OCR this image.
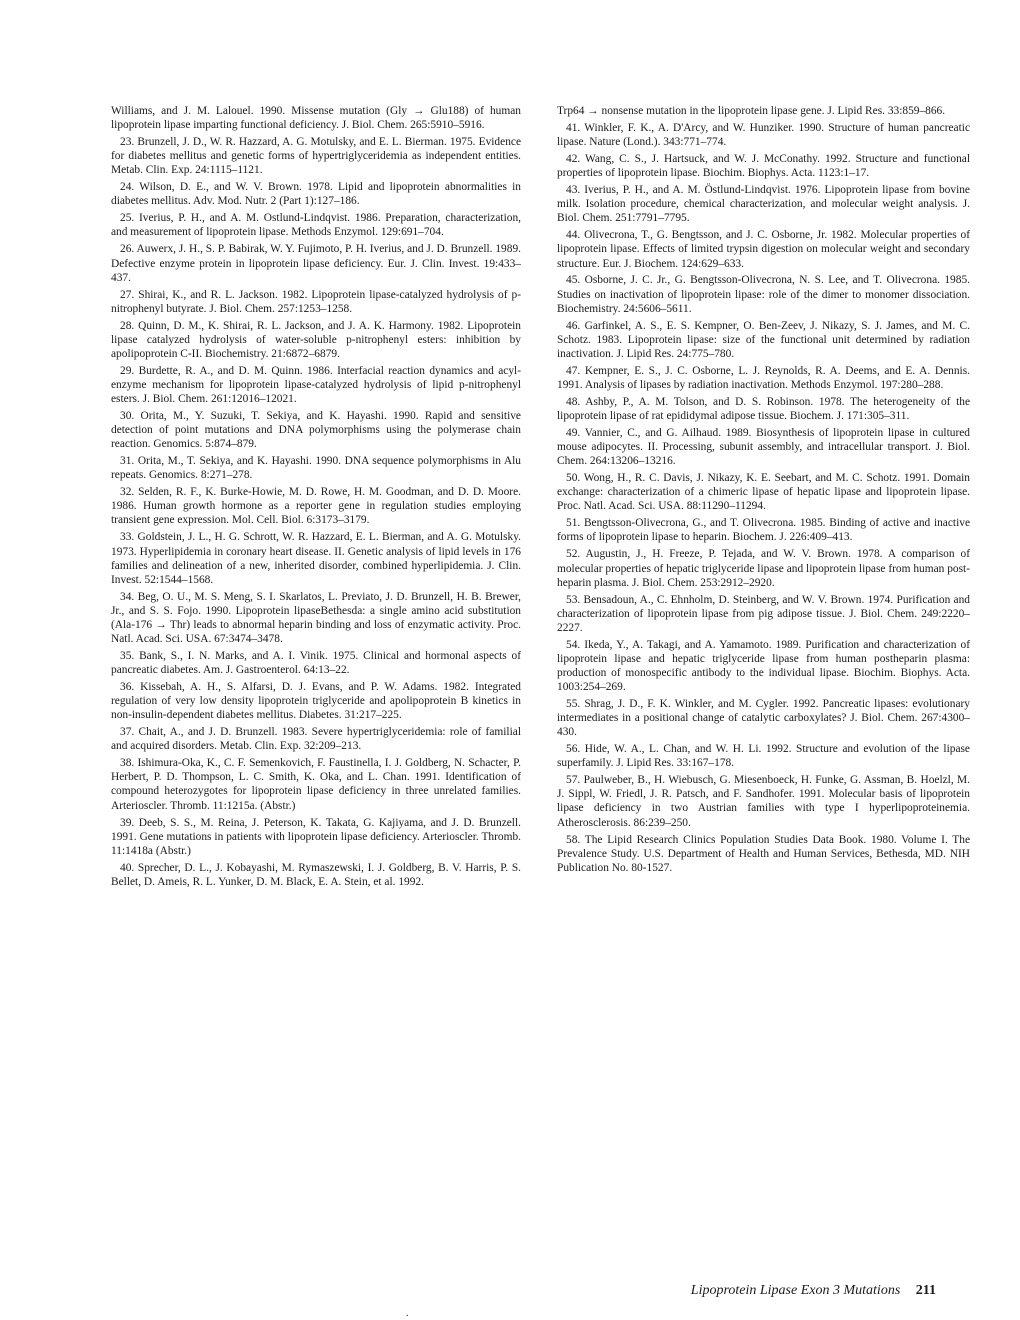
Williams, and J. M. Lalouel. 1990. Missense mutation (Gly → Glu188) of human lipoprotein lipase imparting functional deficiency. J. Biol. Chem. 265:5910–5916.

23. Brunzell, J. D., W. R. Hazzard, A. G. Motulsky, and E. L. Bierman. 1975. Evidence for diabetes mellitus and genetic forms of hypertriglyceridemia as independent entities. Metab. Clin. Exp. 24:1115–1121.

24. Wilson, D. E., and W. V. Brown. 1978. Lipid and lipoprotein abnormalities in diabetes mellitus. Adv. Mod. Nutr. 2 (Part 1):127–186.

25. Iverius, P. H., and A. M. Ostlund-Lindqvist. 1986. Preparation, characterization, and measurement of lipoprotein lipase. Methods Enzymol. 129:691–704.

26. Auwerx, J. H., S. P. Babirak, W. Y. Fujimoto, P. H. Iverius, and J. D. Brunzell. 1989. Defective enzyme protein in lipoprotein lipase deficiency. Eur. J. Clin. Invest. 19:433–437.

27. Shirai, K., and R. L. Jackson. 1982. Lipoprotein lipase-catalyzed hydrolysis of p-nitrophenyl butyrate. J. Biol. Chem. 257:1253–1258.

28. Quinn, D. M., K. Shirai, R. L. Jackson, and J. A. K. Harmony. 1982. Lipoprotein lipase catalyzed hydrolysis of water-soluble p-nitrophenyl esters: inhibition by apolipoprotein C-II. Biochemistry. 21:6872–6879.

29. Burdette, R. A., and D. M. Quinn. 1986. Interfacial reaction dynamics and acyl-enzyme mechanism for lipoprotein lipase-catalyzed hydrolysis of lipid p-nitrophenyl esters. J. Biol. Chem. 261:12016–12021.

30. Orita, M., Y. Suzuki, T. Sekiya, and K. Hayashi. 1990. Rapid and sensitive detection of point mutations and DNA polymorphisms using the polymerase chain reaction. Genomics. 5:874–879.

31. Orita, M., T. Sekiya, and K. Hayashi. 1990. DNA sequence polymorphisms in Alu repeats. Genomics. 8:271–278.

32. Selden, R. F., K. Burke-Howie, M. D. Rowe, H. M. Goodman, and D. D. Moore. 1986. Human growth hormone as a reporter gene in regulation studies employing transient gene expression. Mol. Cell. Biol. 6:3173–3179.

33. Goldstein, J. L., H. G. Schrott, W. R. Hazzard, E. L. Bierman, and A. G. Motulsky. 1973. Hyperlipidemia in coronary heart disease. II. Genetic analysis of lipid levels in 176 families and delineation of a new, inherited disorder, combined hyperlipidemia. J. Clin. Invest. 52:1544–1568.

34. Beg, O. U., M. S. Meng, S. I. Skarlatos, L. Previato, J. D. Brunzell, H. B. Brewer, Jr., and S. S. Fojo. 1990. Lipoprotein lipaseBethesda: a single amino acid substitution (Ala-176 → Thr) leads to abnormal heparin binding and loss of enzymatic activity. Proc. Natl. Acad. Sci. USA. 67:3474–3478.

35. Bank, S., I. N. Marks, and A. I. Vinik. 1975. Clinical and hormonal aspects of pancreatic diabetes. Am. J. Gastroenterol. 64:13–22.

36. Kissebah, A. H., S. Alfarsi, D. J. Evans, and P. W. Adams. 1982. Integrated regulation of very low density lipoprotein triglyceride and apolipoprotein B kinetics in non-insulin-dependent diabetes mellitus. Diabetes. 31:217–225.

37. Chait, A., and J. D. Brunzell. 1983. Severe hypertriglyceridemia: role of familial and acquired disorders. Metab. Clin. Exp. 32:209–213.

38. Ishimura-Oka, K., C. F. Semenkovich, F. Faustinella, I. J. Goldberg, N. Schacter, P. Herbert, P. D. Thompson, L. C. Smith, K. Oka, and L. Chan. 1991. Identification of compound heterozygotes for lipoprotein lipase deficiency in three unrelated families. Arterioscler. Thromb. 11:1215a. (Abstr.)

39. Deeb, S. S., M. Reina, J. Peterson, K. Takata, G. Kajiyama, and J. D. Brunzell. 1991. Gene mutations in patients with lipoprotein lipase deficiency. Arterioscler. Thromb. 11:1418a (Abstr.)

40. Sprecher, D. L., J. Kobayashi, M. Rymaszewski, I. J. Goldberg, B. V. Harris, P. S. Bellet, D. Ameis, R. L. Yunker, D. M. Black, E. A. Stein, et al. 1992.

Trp64 → nonsense mutation in the lipoprotein lipase gene. J. Lipid Res. 33:859–866.

41. Winkler, F. K., A. D'Arcy, and W. Hunziker. 1990. Structure of human pancreatic lipase. Nature (Lond.). 343:771–774.

42. Wang, C. S., J. Hartsuck, and W. J. McConathy. 1992. Structure and functional properties of lipoprotein lipase. Biochim. Biophys. Acta. 1123:1–17.

43. Iverius, P. H., and A. M. Östlund-Lindqvist. 1976. Lipoprotein lipase from bovine milk. Isolation procedure, chemical characterization, and molecular weight analysis. J. Biol. Chem. 251:7791–7795.

44. Olivecrona, T., G. Bengtsson, and J. C. Osborne, Jr. 1982. Molecular properties of lipoprotein lipase. Effects of limited trypsin digestion on molecular weight and secondary structure. Eur. J. Biochem. 124:629–633.

45. Osborne, J. C. Jr., G. Bengtsson-Olivecrona, N. S. Lee, and T. Olivecrona. 1985. Studies on inactivation of lipoprotein lipase: role of the dimer to monomer dissociation. Biochemistry. 24:5606–5611.

46. Garfinkel, A. S., E. S. Kempner, O. Ben-Zeev, J. Nikazy, S. J. James, and M. C. Schotz. 1983. Lipoprotein lipase: size of the functional unit determined by radiation inactivation. J. Lipid Res. 24:775–780.

47. Kempner, E. S., J. C. Osborne, L. J. Reynolds, R. A. Deems, and E. A. Dennis. 1991. Analysis of lipases by radiation inactivation. Methods Enzymol. 197:280–288.

48. Ashby, P., A. M. Tolson, and D. S. Robinson. 1978. The heterogeneity of the lipoprotein lipase of rat epididymal adipose tissue. Biochem. J. 171:305–311.

49. Vannier, C., and G. Ailhaud. 1989. Biosynthesis of lipoprotein lipase in cultured mouse adipocytes. II. Processing, subunit assembly, and intracellular transport. J. Biol. Chem. 264:13206–13216.

50. Wong, H., R. C. Davis, J. Nikazy, K. E. Seebart, and M. C. Schotz. 1991. Domain exchange: characterization of a chimeric lipase of hepatic lipase and lipoprotein lipase. Proc. Natl. Acad. Sci. USA. 88:11290–11294.

51. Bengtsson-Olivecrona, G., and T. Olivecrona. 1985. Binding of active and inactive forms of lipoprotein lipase to heparin. Biochem. J. 226:409–413.

52. Augustin, J., H. Freeze, P. Tejada, and W. V. Brown. 1978. A comparison of molecular properties of hepatic triglyceride lipase and lipoprotein lipase from human post-heparin plasma. J. Biol. Chem. 253:2912–2920.

53. Bensadoun, A., C. Ehnholm, D. Steinberg, and W. V. Brown. 1974. Purification and characterization of lipoprotein lipase from pig adipose tissue. J. Biol. Chem. 249:2220–2227.

54. Ikeda, Y., A. Takagi, and A. Yamamoto. 1989. Purification and characterization of lipoprotein lipase and hepatic triglyceride lipase from human postheparin plasma: production of monospecific antibody to the individual lipase. Biochim. Biophys. Acta. 1003:254–269.

55. Shrag, J. D., F. K. Winkler, and M. Cygler. 1992. Pancreatic lipases: evolutionary intermediates in a positional change of catalytic carboxylates? J. Biol. Chem. 267:4300–430.

56. Hide, W. A., L. Chan, and W. H. Li. 1992. Structure and evolution of the lipase superfamily. J. Lipid Res. 33:167–178.

57. Paulweber, B., H. Wiebusch, G. Miesenboeck, H. Funke, G. Assman, B. Hoelzl, M. J. Sippl, W. Friedl, J. R. Patsch, and F. Sandhofer. 1991. Molecular basis of lipoprotein lipase deficiency in two Austrian families with type I hyperlipoproteinemia. Atherosclerosis. 86:239–250.

58. The Lipid Research Clinics Population Studies Data Book. 1980. Volume I. The Prevalence Study. U.S. Department of Health and Human Services, Bethesda, MD. NIH Publication No. 80-1527.

Lipoprotein Lipase Exon 3 Mutations 211
.
